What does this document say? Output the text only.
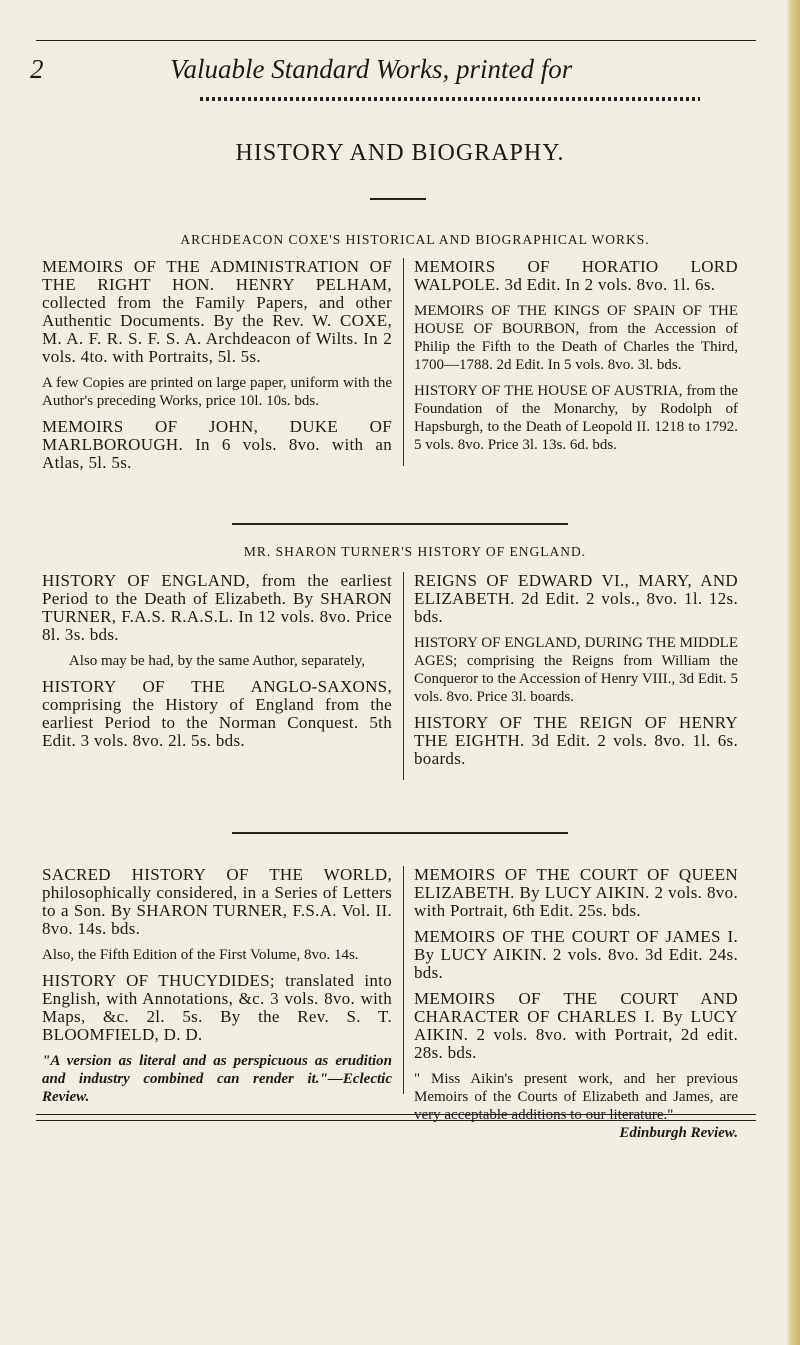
2	Valuable Standard Works, printed for
HISTORY AND BIOGRAPHY.
ARCHDEACON COXE'S HISTORICAL AND BIOGRAPHICAL WORKS.

MEMOIRS OF THE ADMINISTRATION OF THE RIGHT HON. HENRY PELHAM, collected from the Family Papers, and other Authentic Documents. By the Rev. W. COXE, M. A. F. R. S. F. S. A. Archdeacon of Wilts. In 2 vols. 4to. with Portraits, 5l. 5s.

A few Copies are printed on large paper, uniform with the Author's preceding Works, price 10l. 10s. bds.

MEMOIRS OF JOHN, DUKE OF MARLBOROUGH. In 6 vols. 8vo. with an Atlas, 5l. 5s.

MEMOIRS OF HORATIO LORD WALPOLE. 3d Edit. In 2 vols. 8vo. 1l. 6s.

MEMOIRS OF THE KINGS OF SPAIN OF THE HOUSE OF BOURBON, from the Accession of Philip the Fifth to the Death of Charles the Third, 1700—1788. 2d Edit. In 5 vols. 8vo. 3l. bds.

HISTORY OF THE HOUSE OF AUSTRIA, from the Foundation of the Monarchy, by Rodolph of Hapsburgh, to the Death of Leopold II. 1218 to 1792. 5 vols. 8vo. Price 3l. 13s. 6d. bds.

MR. SHARON TURNER'S HISTORY OF ENGLAND.

HISTORY OF ENGLAND, from the earliest Period to the Death of Elizabeth. By SHARON TURNER, F.A.S. R.A.S.L. In 12 vols. 8vo. Price 8l. 3s. bds.

Also may be had, by the same Author, separately,

HISTORY OF THE ANGLO-SAXONS, comprising the History of England from the earliest Period to the Norman Conquest. 5th Edit. 3 vols. 8vo. 2l. 5s. bds.

REIGNS OF EDWARD VI., MARY, AND ELIZABETH. 2d Edit. 2 vols., 8vo. 1l. 12s. bds.

HISTORY OF ENGLAND, DURING THE MIDDLE AGES; comprising the Reigns from William the Conqueror to the Accession of Henry VIII., 3d Edit. 5 vols. 8vo. Price 3l. boards.

HISTORY OF THE REIGN OF HENRY THE EIGHTH. 3d Edit. 2 vols. 8vo. 1l. 6s. boards.

SACRED HISTORY OF THE WORLD, philosophically considered, in a Series of Letters to a Son. By SHARON TURNER, F.S.A. Vol. II. 8vo. 14s. bds.

Also, the Fifth Edition of the First Volume, 8vo. 14s.

HISTORY OF THUCYDIDES; translated into English, with Annotations, &c. 3 vols. 8vo. with Maps, &c. 2l. 5s. By the Rev. S. T. BLOOMFIELD, D. D.

"A version as literal and as perspicuous as erudition and industry combined can render it."—Eclectic Review.

MEMOIRS OF THE COURT OF QUEEN ELIZABETH. By LUCY AIKIN. 2 vols. 8vo. with Portrait, 6th Edit. 25s. bds.

MEMOIRS OF THE COURT OF JAMES I. By LUCY AIKIN. 2 vols. 8vo. 3d Edit. 24s. bds.

MEMOIRS OF THE COURT AND CHARACTER OF CHARLES I. By LUCY AIKIN. 2 vols. 8vo. with Portrait, 2d edit. 28s. bds.

" Miss Aikin's present work, and her previous Memoirs of the Courts of Elizabeth and James, are very acceptable additions to our literature."

Edinburgh Review.
